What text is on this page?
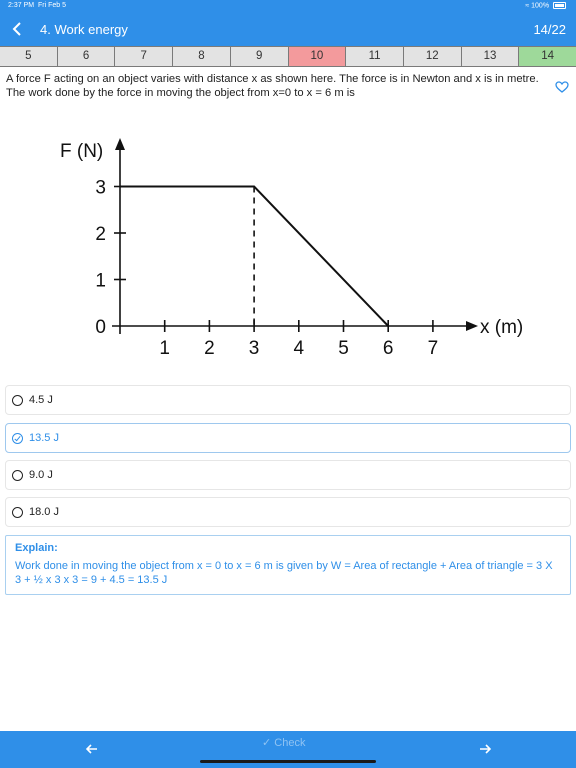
2:37 PM Fri Feb 5	≈ 100%
4. Work energy	14/22
5	6	7	8	9	10	11	12	13	14
A force F acting on an object varies with distance x as shown here. The force is in Newton and x is in metre. The work done by the force in moving the object from x=0 to x = 6 m is
F (N)
x (m)
1 2 3 4 5 6 7
0
1
2
3
4.5 J
13.5 J
9.0 J
18.0 J
Explain:
Work done in moving the object from x = 0 to x = 6 m is given by W = Area of rectangle + Area of triangle = 3 X 3 + ½ x 3 x 3 = 9 + 4.5 = 13.5 J
✓ Check
